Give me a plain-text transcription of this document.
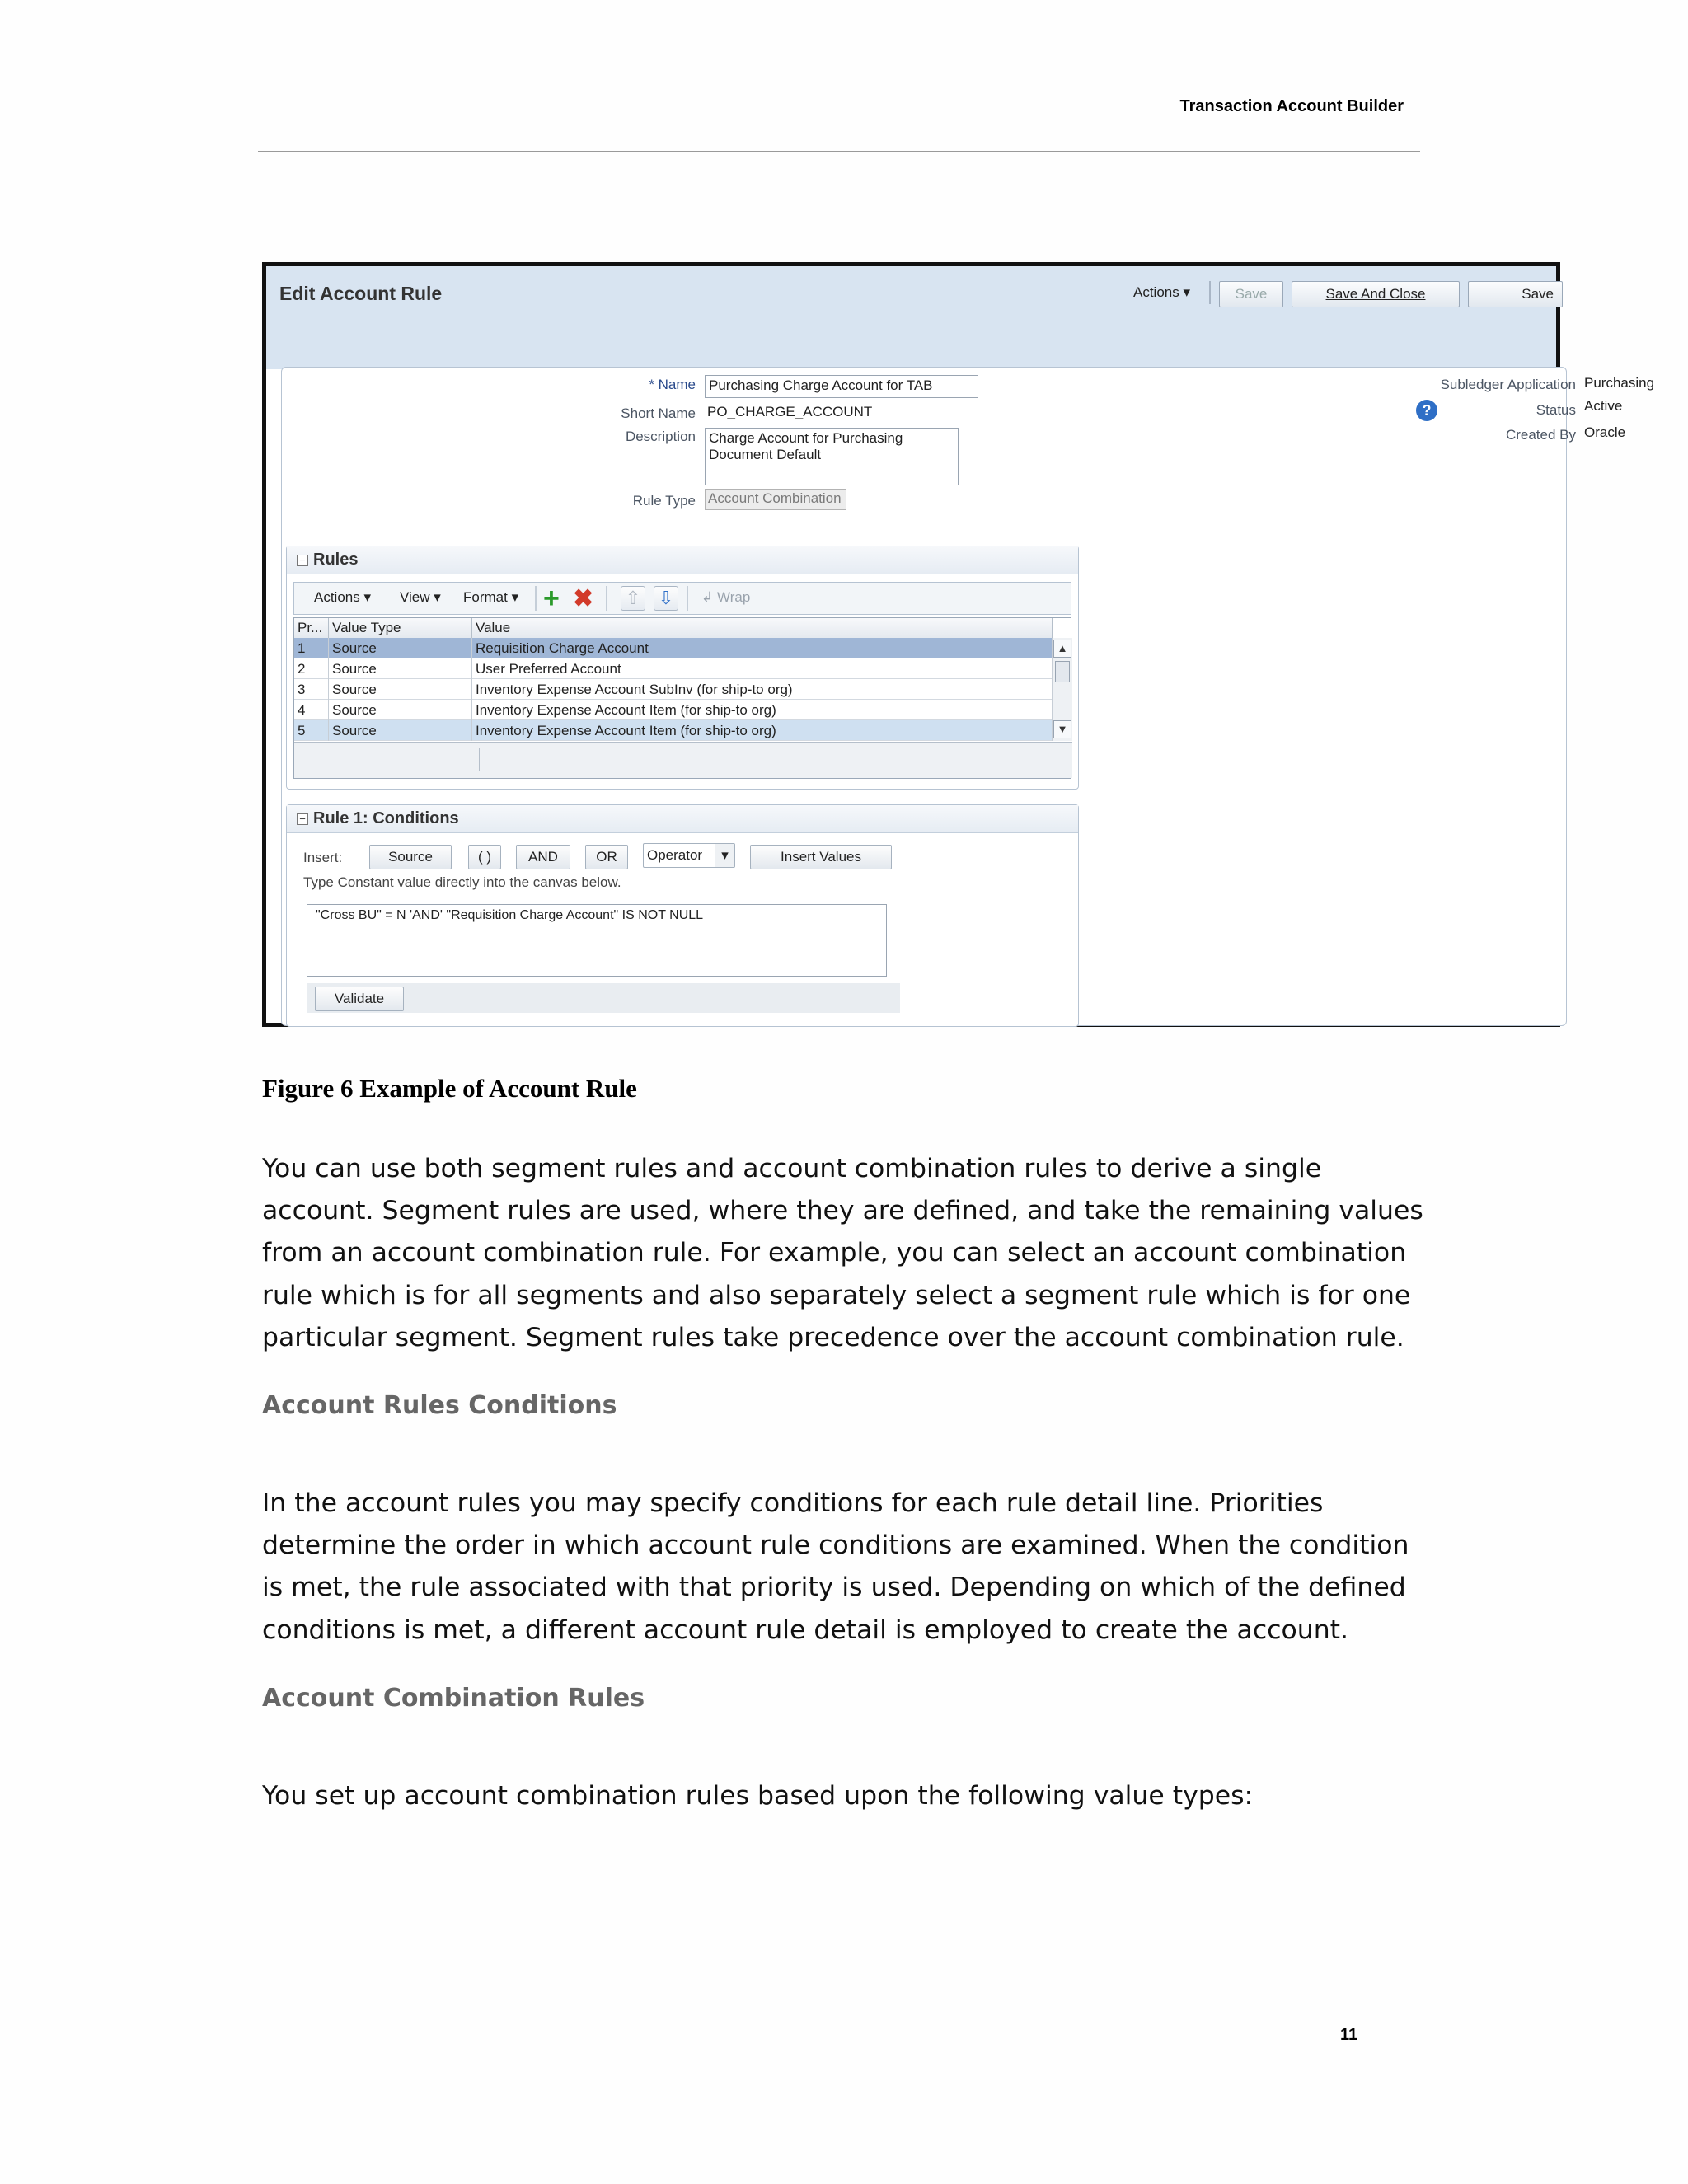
Transaction Account Builder
Edit Account Rule	Actions ▾	Save	Save And Close	Save
* Name Purchasing Charge Account for TAB
Short Name PO_CHARGE_ACCOUNT
Description Charge Account for Purchasing Document Default
Rule Type Account Combination
Subledger Application Purchasing
?	Status Active
Created By Oracle
− Rules
Actions ▾ View ▾ Format ▾ + ✖ ⇧ ⇩	↲ Wrap
Pr... Value Type	Value
1	Source	Requisition Charge Account
2	Source	User Preferred Account
3	Source	Inventory Expense Account SubInv (for ship-to org)
4	Source	Inventory Expense Account Item (for ship-to org)
5	Source	Inventory Expense Account Item (for ship-to org)
▲
▼
− Rule 1: Conditions
Insert:	Source	( )	AND	OR	Operator	▾	Insert Values
Type Constant value directly into the canvas below.
"Cross BU" = N 'AND' "Requisition Charge Account" IS NOT NULL
Validate
Figure 6 Example of Account Rule

You can use both segment rules and account combination rules to derive a single account. Segment rules are used, where they are defined, and take the remaining values from an account combination rule. For example, you can select an account combination rule which is for all segments and also separately select a segment rule which is for one particular segment. Segment rules take precedence over the account combination rule.

Account Rules Conditions

In the account rules you may specify conditions for each rule detail line. Priorities determine the order in which account rule conditions are examined. When the condition is met, the rule associated with that priority is used. Depending on which of the defined conditions is met, a different account rule detail is employed to create the account.

Account Combination Rules

You set up account combination rules based upon the following value types:

11
